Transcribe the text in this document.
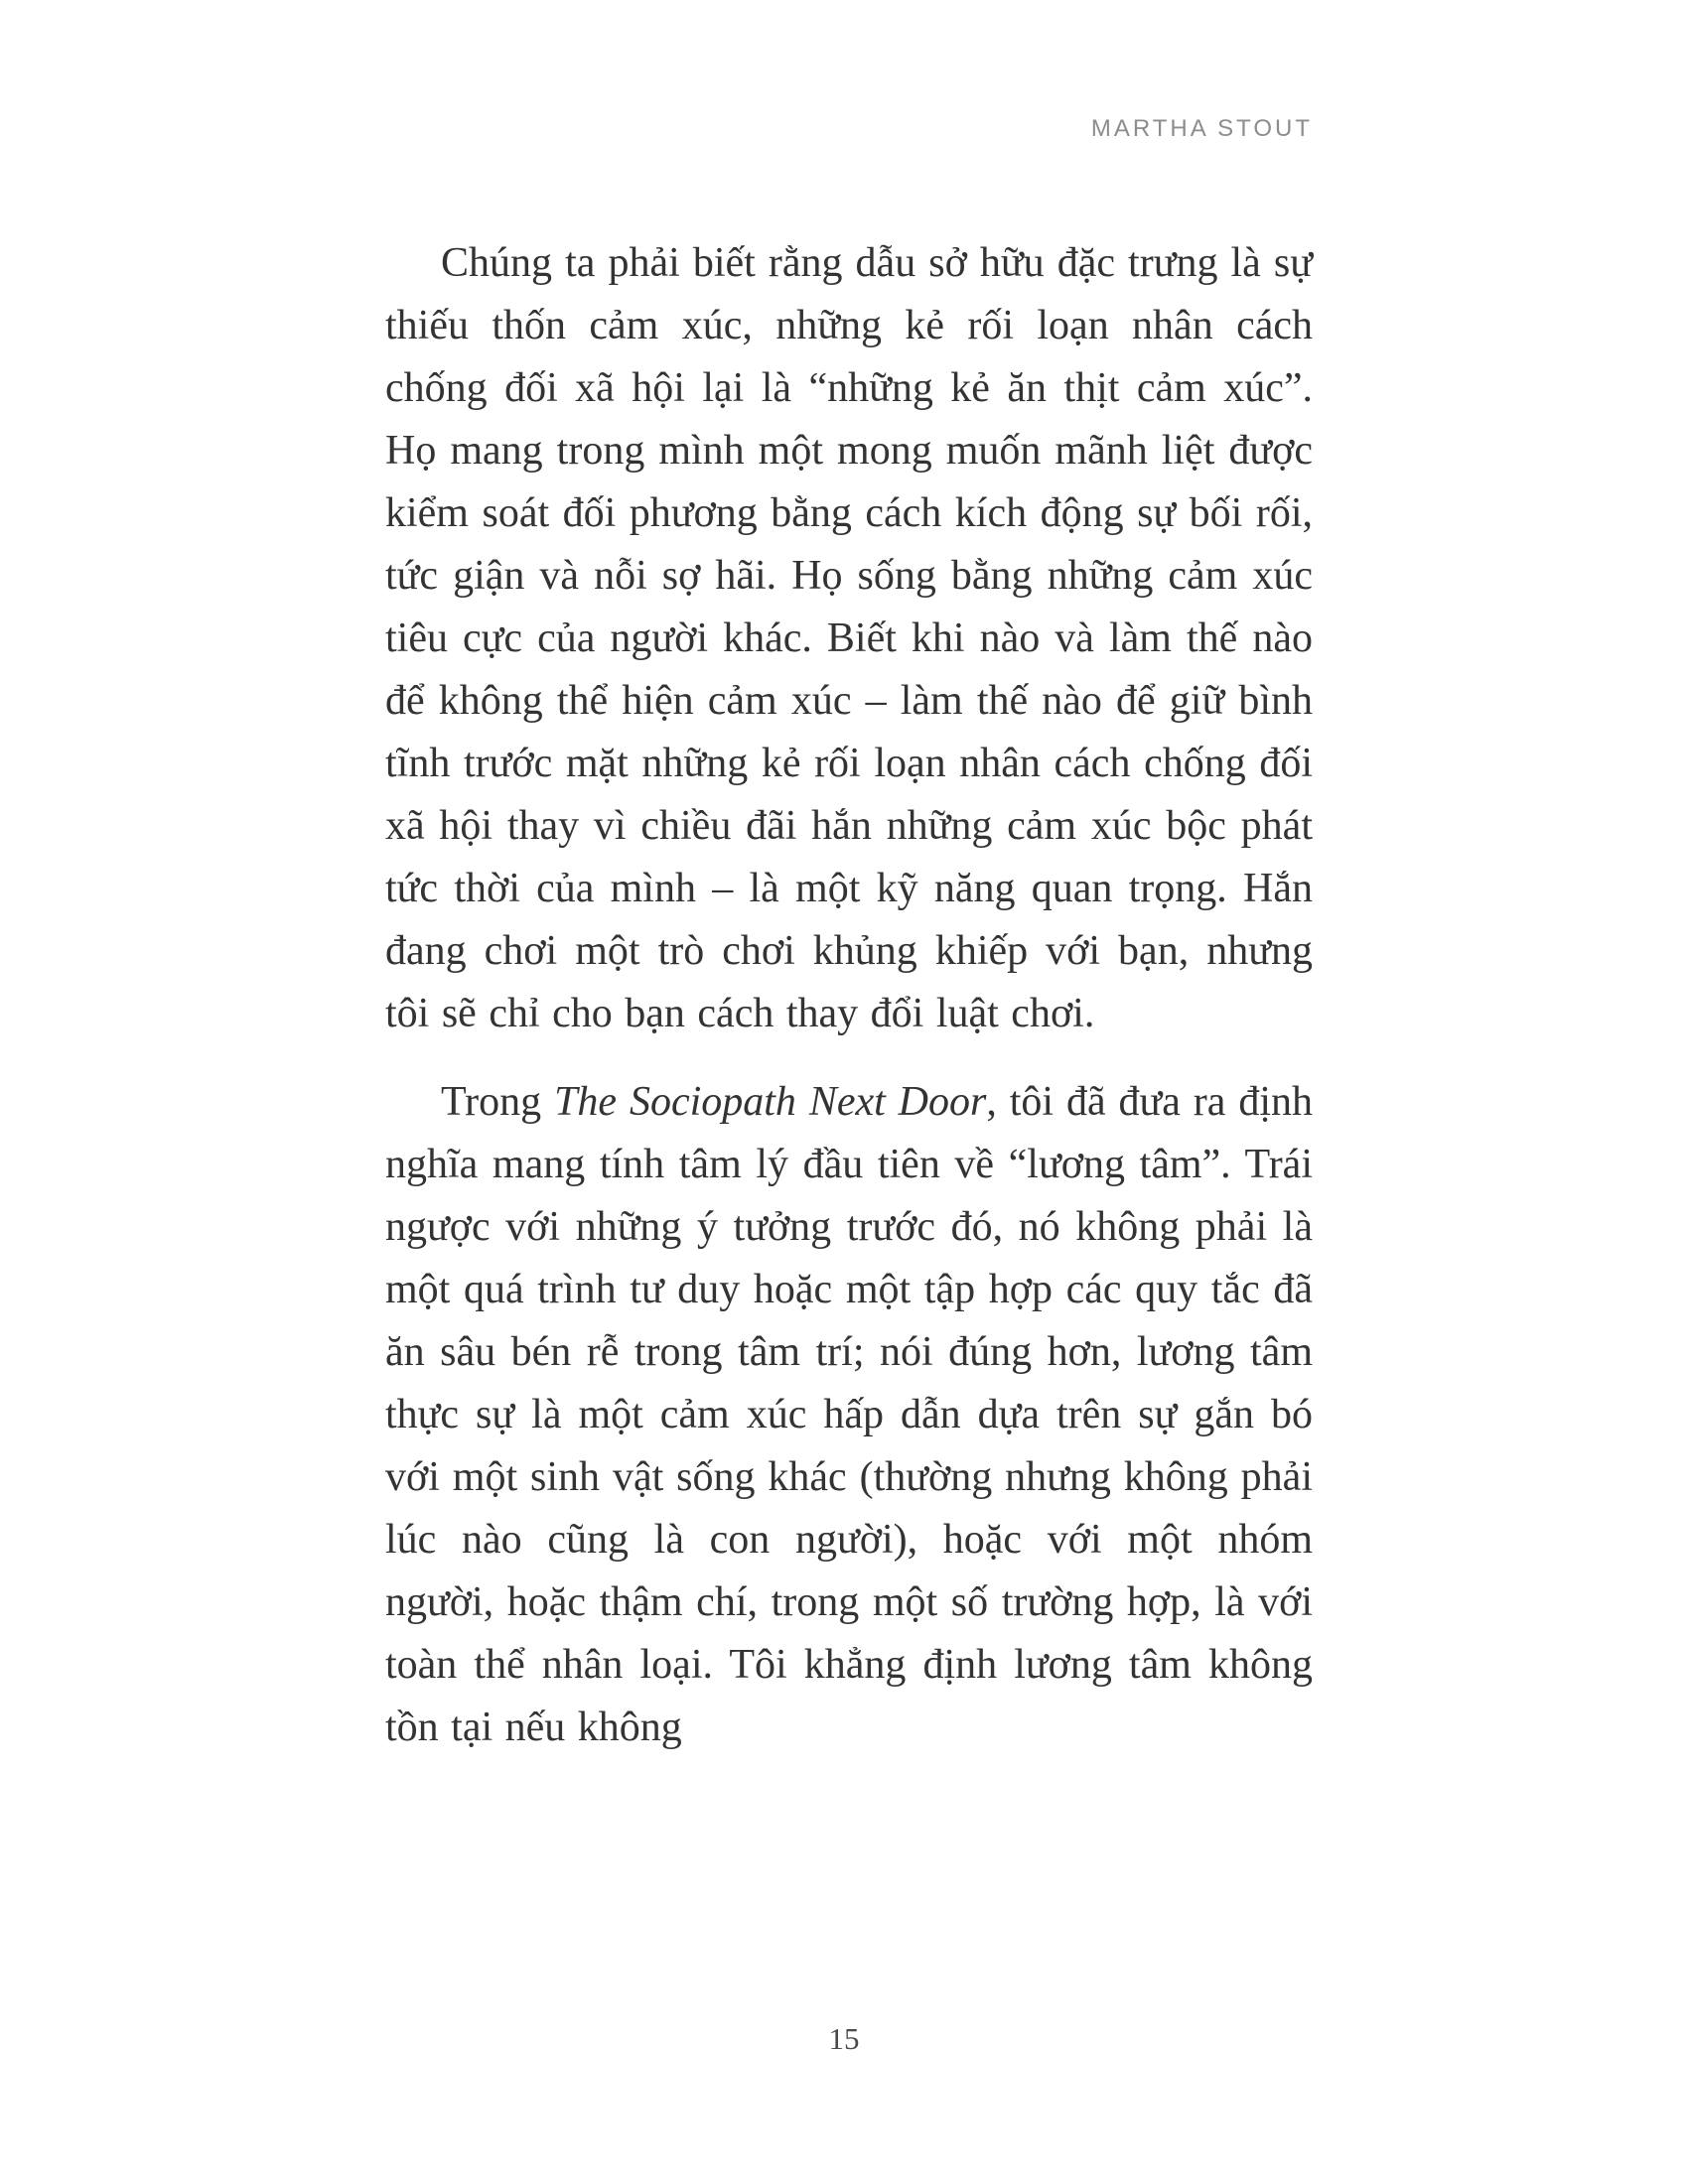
MARTHA STOUT

Chúng ta phải biết rằng dẫu sở hữu đặc trưng là sự thiếu thốn cảm xúc, những kẻ rối loạn nhân cách chống đối xã hội lại là “những kẻ ăn thịt cảm xúc”. Họ mang trong mình một mong muốn mãnh liệt được kiểm soát đối phương bằng cách kích động sự bối rối, tức giận và nỗi sợ hãi. Họ sống bằng những cảm xúc tiêu cực của người khác. Biết khi nào và làm thế nào để không thể hiện cảm xúc – làm thế nào để giữ bình tĩnh trước mặt những kẻ rối loạn nhân cách chống đối xã hội thay vì chiều đãi hắn những cảm xúc bộc phát tức thời của mình – là một kỹ năng quan trọng. Hắn đang chơi một trò chơi khủng khiếp với bạn, nhưng tôi sẽ chỉ cho bạn cách thay đổi luật chơi.

Trong The Sociopath Next Door, tôi đã đưa ra định nghĩa mang tính tâm lý đầu tiên về “lương tâm”. Trái ngược với những ý tưởng trước đó, nó không phải là một quá trình tư duy hoặc một tập hợp các quy tắc đã ăn sâu bén rễ trong tâm trí; nói đúng hơn, lương tâm thực sự là một cảm xúc hấp dẫn dựa trên sự gắn bó với một sinh vật sống khác (thường nhưng không phải lúc nào cũng là con người), hoặc với một nhóm người, hoặc thậm chí, trong một số trường hợp, là với toàn thể nhân loại. Tôi khẳng định lương tâm không tồn tại nếu không

15
